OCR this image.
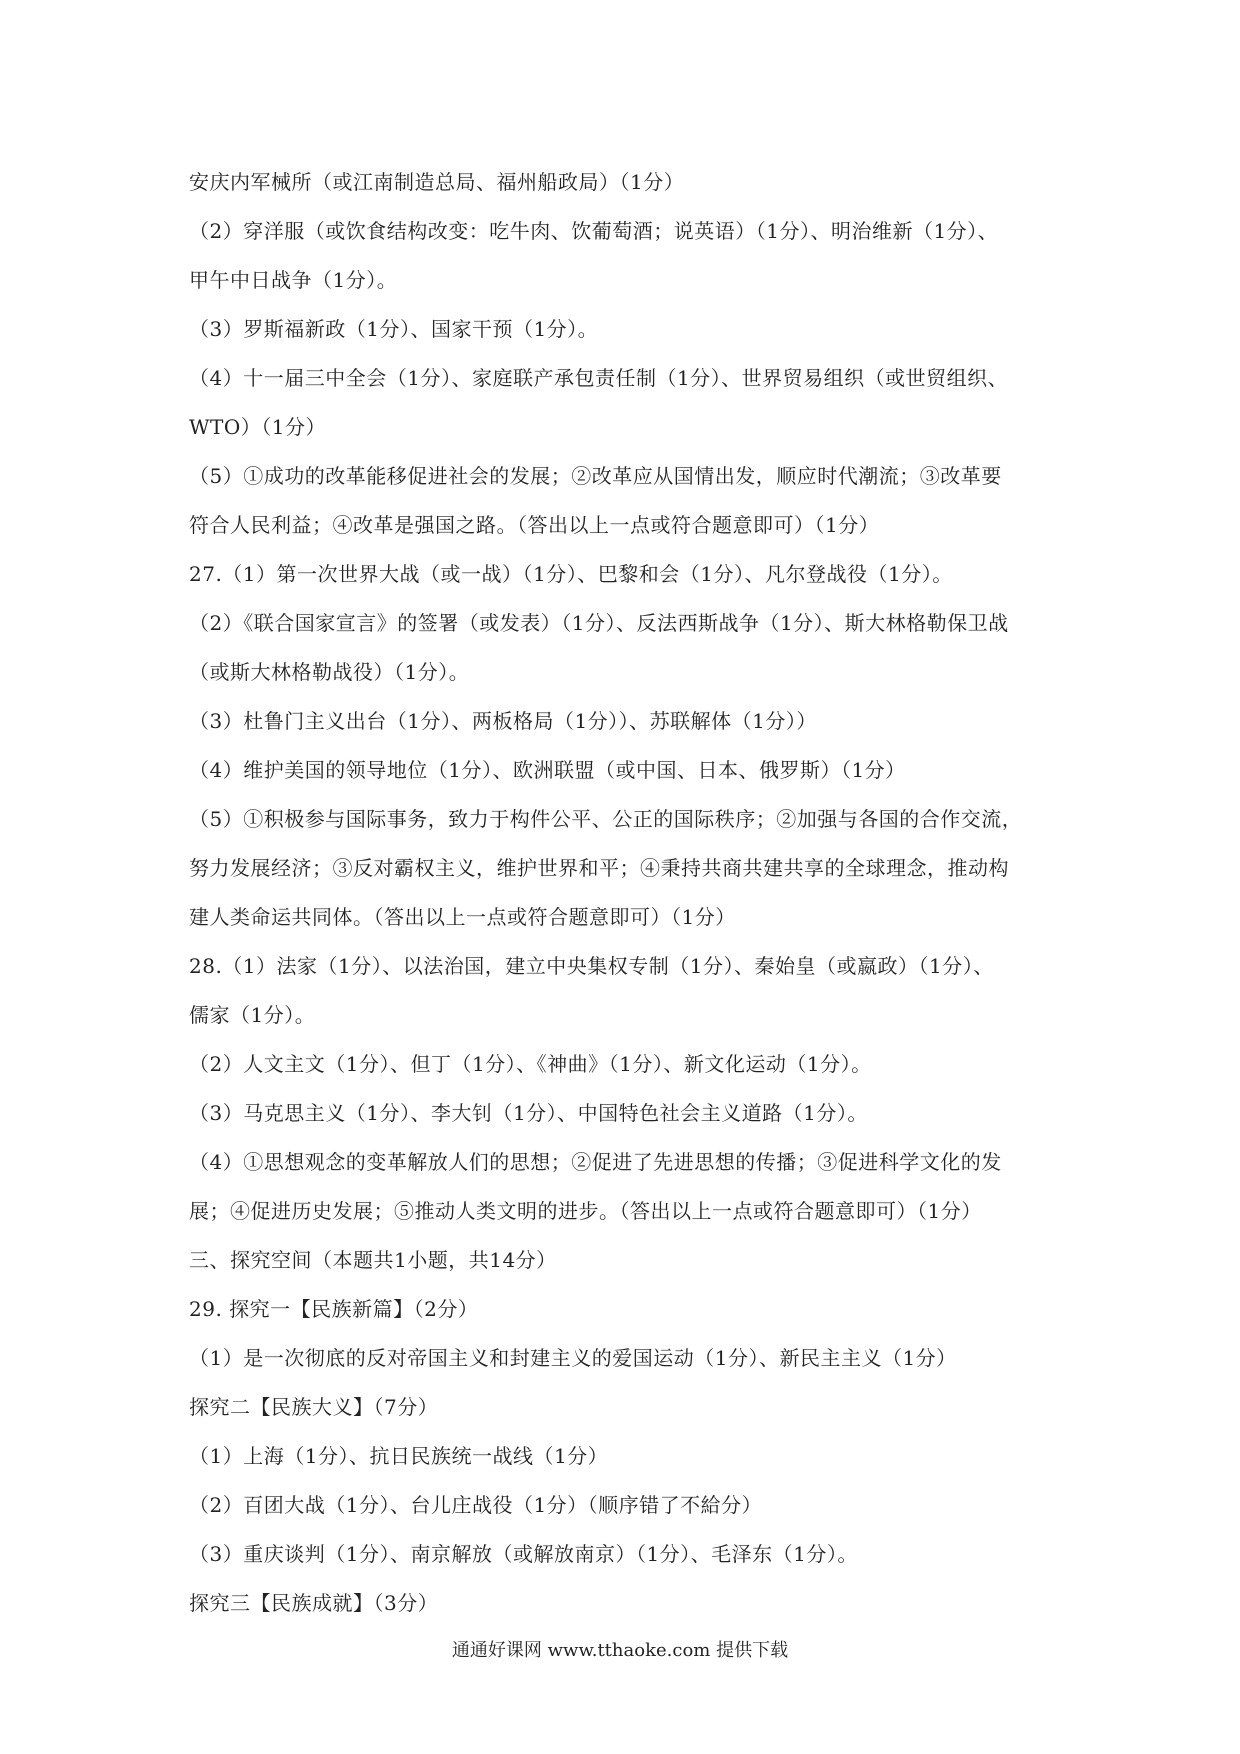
安庆内军械所（或江南制造总局、福州船政局）（1分）
（2）穿洋服（或饮食结构改变：吃牛肉、饮葡萄酒；说英语）（1分）、明治维新（1分）、
甲午中日战争（1分）。
（3）罗斯福新政（1分）、国家干预（1分）。
（4）十一届三中全会（1分）、家庭联产承包责任制（1分）、世界贸易组织（或世贸组织、
WTO）（1分）
（5）①成功的改革能移促进社会的发展；②改革应从国情出发，顺应时代潮流；③改革要
符合人民利益；④改革是强国之路。（答出以上一点或符合题意即可）（1分）
27.（1）第一次世界大战（或一战）（1分）、巴黎和会（1分）、凡尔登战役（1分）。
（2）《联合国家宣言》的签署（或发表）（1分）、反法西斯战争（1分）、斯大林格勒保卫战
（或斯大林格勒战役）（1分）。
（3）杜鲁门主义出台（1分）、两板格局（1分））、苏联解体（1分））
（4）维护美国的领导地位（1分）、欧洲联盟（或中国、日本、俄罗斯）（1分）
（5）①积极参与国际事务，致力于构件公平、公正的国际秩序；②加强与各国的合作交流，
努力发展经济；③反对霸权主义，维护世界和平；④秉持共商共建共享的全球理念，推动构
建人类命运共同体。（答出以上一点或符合题意即可）（1分）
28.（1）法家（1分）、以法治国，建立中央集权专制（1分）、秦始皇（或嬴政）（1分）、
儒家（1分）。
（2）人文主文（1分）、但丁（1分）、《神曲》（1分）、新文化运动（1分）。
（3）马克思主义（1分）、李大钊（1分）、中国特色社会主义道路（1分）。
（4）①思想观念的变革解放人们的思想；②促进了先进思想的传播；③促进科学文化的发
展；④促进历史发展；⑤推动人类文明的进步。（答出以上一点或符合题意即可）（1分）
三、探究空间（本题共1小题，共14分）
29. 探究一【民族新篇】（2分）
（1）是一次彻底的反对帝国主义和封建主义的爱国运动（1分）、新民主主义（1分）
探究二【民族大义】（7分）
（1）上海（1分）、抗日民族统一战线（1分）
（2）百团大战（1分）、台儿庄战役（1分）（顺序错了不給分）
（3）重庆谈判（1分）、南京解放（或解放南京）（1分）、毛泽东（1分）。
探究三【民族成就】（3分）
通通好课网 www.tthaoke.com 提供下载
